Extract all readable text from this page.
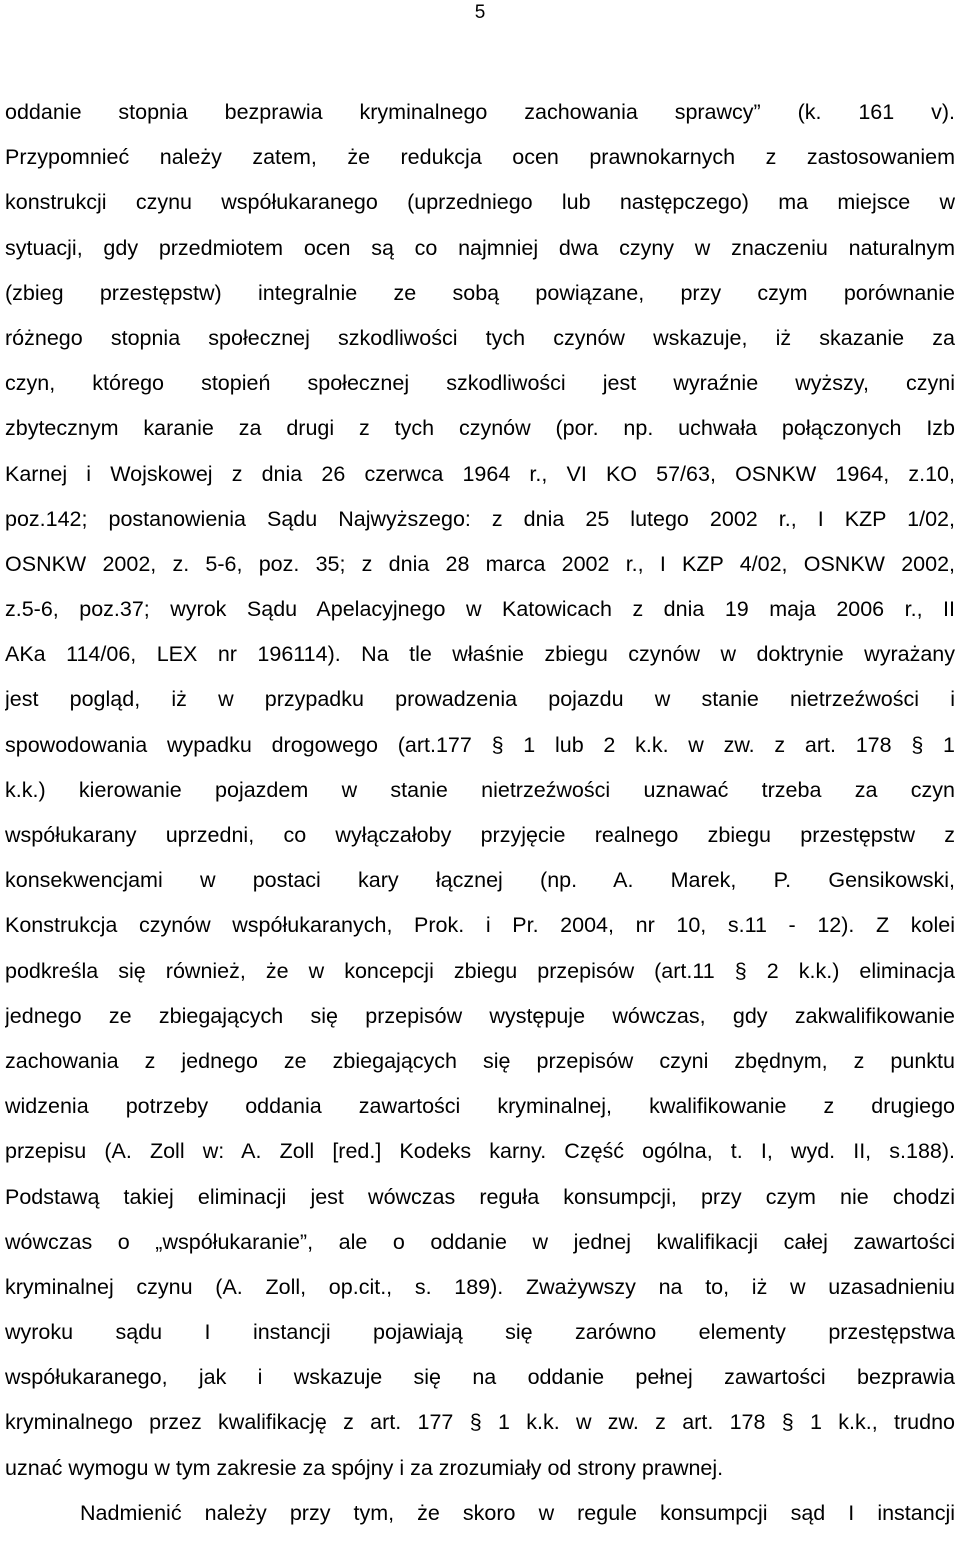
5
oddanie stopnia bezprawia kryminalnego zachowania sprawcy” (k. 161 v).
Przypomnieć należy zatem, że redukcja ocen prawnokarnych z zastosowaniem
konstrukcji czynu współukaranego (uprzedniego lub następczego) ma miejsce w
sytuacji, gdy przedmiotem ocen są co najmniej dwa czyny w znaczeniu naturalnym
(zbieg przestępstw) integralnie ze sobą powiązane, przy czym porównanie
różnego stopnia społecznej szkodliwości tych czynów wskazuje, iż skazanie za
czyn, którego stopień społecznej szkodliwości jest wyraźnie wyższy, czyni
zbytecznym karanie za drugi z tych czynów (por. np. uchwała połączonych Izb
Karnej i Wojskowej z dnia 26 czerwca 1964 r., VI KO 57/63, OSNKW 1964, z.10,
poz.142; postanowienia Sądu Najwyższego: z dnia 25 lutego 2002 r., I KZP 1/02,
OSNKW 2002, z. 5-6, poz. 35; z dnia 28 marca 2002 r., I KZP 4/02, OSNKW 2002,
z.5-6, poz.37; wyrok Sądu Apelacyjnego w Katowicach z dnia 19 maja 2006 r., II
AKa 114/06, LEX nr 196114). Na tle właśnie zbiegu czynów w doktrynie wyrażany
jest pogląd, iż w przypadku prowadzenia pojazdu w stanie nietrzeźwości i
spowodowania wypadku drogowego (art.177 § 1 lub 2 k.k. w zw. z art. 178 § 1
k.k.) kierowanie pojazdem w stanie nietrzeźwości uznawać trzeba za czyn
współukarany uprzedni, co wyłączałoby przyjęcie realnego zbiegu przestępstw z
konsekwencjami w postaci kary łącznej (np. A. Marek, P. Gensikowski,
Konstrukcja czynów współukaranych, Prok. i Pr. 2004, nr 10, s.11 - 12). Z kolei
podkreśla się również, że w koncepcji zbiegu przepisów (art.11 § 2 k.k.) eliminacja
jednego ze zbiegających się przepisów występuje wówczas, gdy zakwalifikowanie
zachowania z jednego ze zbiegających się przepisów czyni zbędnym, z punktu
widzenia potrzeby oddania zawartości kryminalnej, kwalifikowanie z drugiego
przepisu (A. Zoll w: A. Zoll [red.] Kodeks karny. Część ogólna, t. I, wyd. II, s.188).
Podstawą takiej eliminacji jest wówczas reguła konsumpcji, przy czym nie chodzi
wówczas o „współukaranie”, ale o oddanie w jednej kwalifikacji całej zawartości
kryminalnej czynu (A. Zoll, op.cit., s. 189). Zważywszy na to, iż w uzasadnieniu
wyroku sądu I instancji pojawiają się zarówno elementy przestępstwa
współukaranego, jak i wskazuje się na oddanie pełnej zawartości bezprawia
kryminalnego przez kwalifikację z art. 177 § 1 k.k. w zw. z art. 178 § 1 k.k., trudno
uznać wymogu w tym zakresie za spójny i za zrozumiały od strony prawnej.
Nadmienić należy przy tym, że skoro w regule konsumpcji sąd I instancji
